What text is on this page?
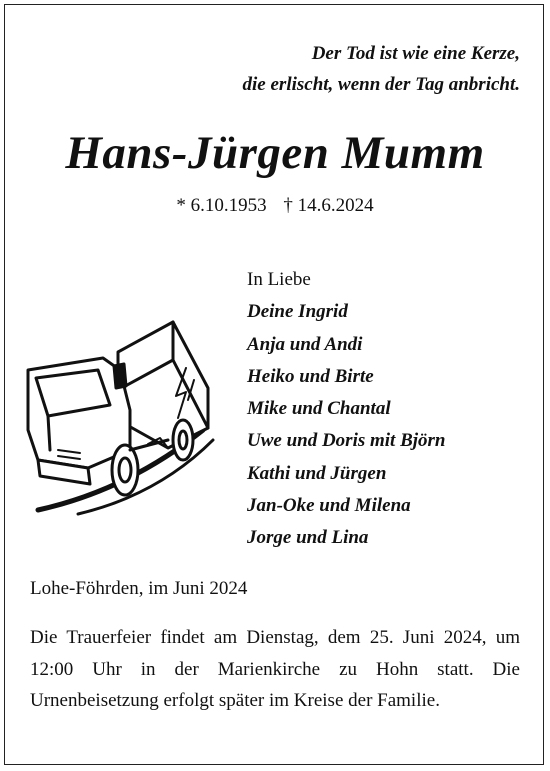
Der Tod ist wie eine Kerze,
die erlischt, wenn der Tag anbricht.
Hans-Jürgen Mumm
* 6.10.1953 † 14.6.2024
In Liebe
Deine Ingrid
Anja und Andi
Heiko und Birte
Mike und Chantal
Uwe und Doris mit Björn
Kathi und Jürgen
Jan-Oke und Milena
Jorge und Lina
Lohe-Föhrden, im Juni 2024
Die Trauerfeier findet am Dienstag, dem 25. Juni 2024, um 12:00 Uhr in der Marienkirche zu Hohn statt. Die Urnenbeisetzung erfolgt später im Kreise der Familie.
